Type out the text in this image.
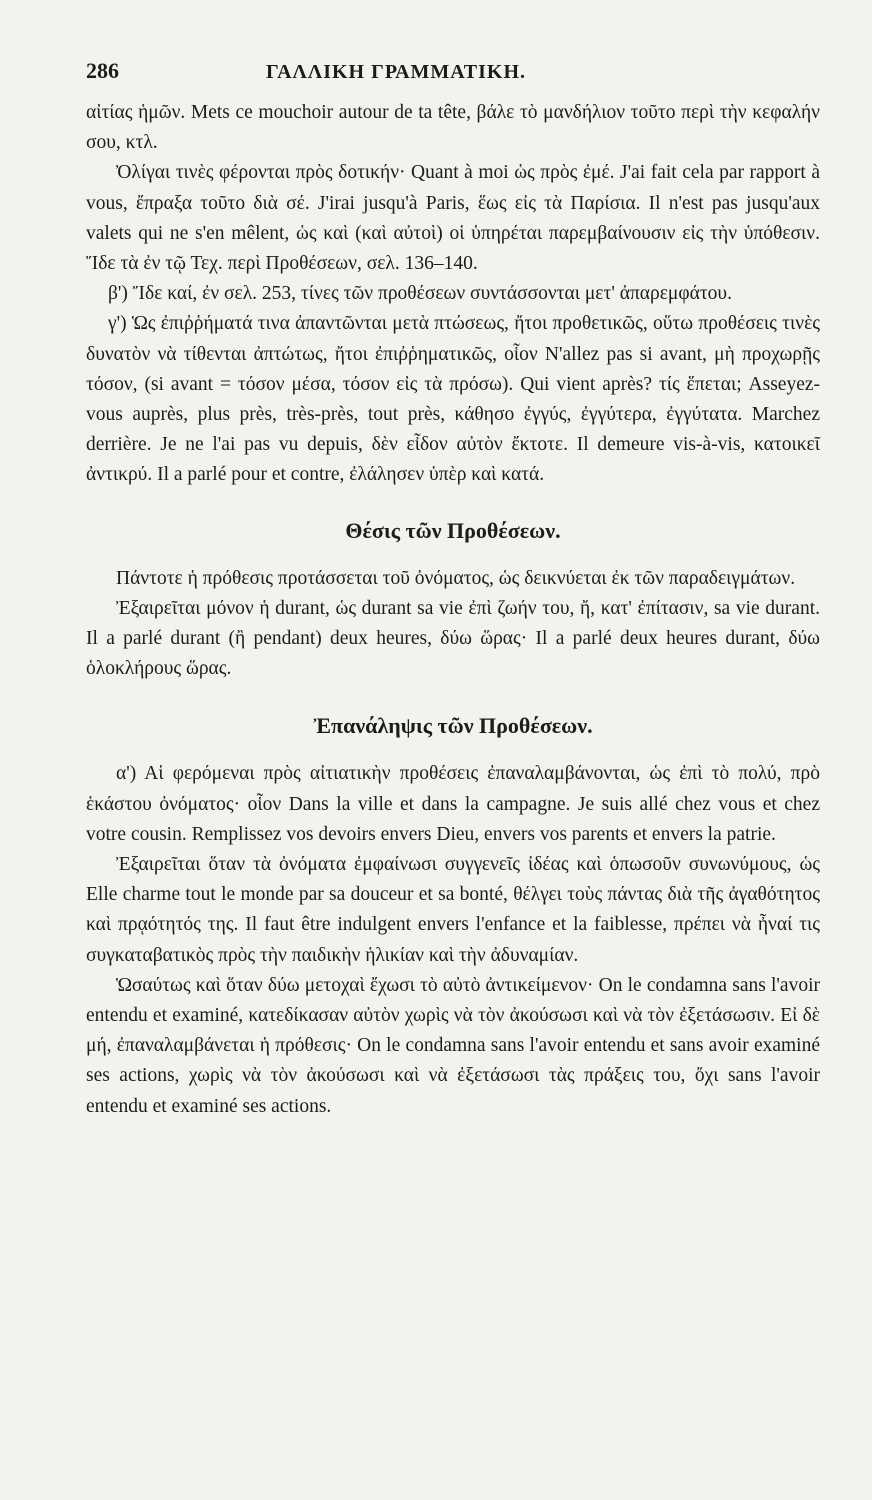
286	ΓΑΛΛΙΚΗ ΓΡΑΜΜΑΤΙΚΗ.

αἰτίας ἡμῶν. Mets ce mouchoir autour de ta tête, βάλε τὸ μανδήλιον τοῦτο περὶ τὴν κεφαλήν σου, κτλ.

Ὀλίγαι τινὲς φέρονται πρὸς δοτικήν· Quant à moi ὡς πρὸς ἐμέ. J'ai fait cela par rapport à vous, ἔπραξα τοῦτο διὰ σέ. J'irai jusqu'à Paris, ἕως εἰς τὰ Παρίσια. Il n'est pas jusqu'aux valets qui ne s'en mêlent, ὡς καὶ (καὶ αὐτοὶ) οἱ ὑπηρέται παρεμβαίνουσιν εἰς τὴν ὑπόθεσιν. Ἴδε τὰ ἐν τῷ Τεχ. περὶ Προθέσεων, σελ. 136–140.

β') Ἴδε καί, ἐν σελ. 253, τίνες τῶν προθέσεων συντάσσονται μετ' ἀπαρεμφάτου.

γ') Ὡς ἐπιῤῥήματά τινα ἀπαντῶνται μετὰ πτώσεως, ἤτοι προθετικῶς, οὕτω προθέσεις τινὲς δυνατὸν νὰ τίθενται ἀπτώτως, ἤτοι ἐπιῤῥηματικῶς, οἷον N'allez pas si avant, μὴ προχωρῇς τόσον, (si avant = τόσον μέσα, τόσον εἰς τὰ πρόσω). Qui vient après? τίς ἕπεται; Asseyez-vous auprès, plus près, très-près, tout près, κάθησο ἐγγύς, ἐγγύτερα, ἐγγύτατα. Marchez derrière. Je ne l'ai pas vu depuis, δὲν εἶδον αὐτὸν ἔκτοτε. Il demeure vis-à-vis, κατοικεῖ ἀντικρύ. Il a parlé pour et contre, ἐλάλησεν ὑπὲρ καὶ κατά.

Θέσις τῶν Προθέσεων.

Πάντοτε ἡ πρόθεσις προτάσσεται τοῦ ὀνόματος, ὡς δεικνύεται ἐκ τῶν παραδειγμάτων.

Ἐξαιρεῖται μόνον ἡ durant, ὡς durant sa vie ἐπὶ ζωήν του, ἤ, κατ' ἐπίτασιν, sa vie durant. Il a parlé durant (ἢ pendant) deux heures, δύω ὥρας· Il a parlé deux heures durant, δύω ὁλοκλήρους ὥρας.

Ἐπανάληψις τῶν Προθέσεων.

α') Αἱ φερόμεναι πρὸς αἰτιατικὴν προθέσεις ἐπαναλαμβάνονται, ὡς ἐπὶ τὸ πολύ, πρὸ ἑκάστου ὀνόματος· οἷον Dans la ville et dans la campagne. Je suis allé chez vous et chez votre cousin. Remplissez vos devoirs envers Dieu, envers vos parents et envers la patrie.

Ἐξαιρεῖται ὅταν τὰ ὀνόματα ἐμφαίνωσι συγγενεῖς ἰδέας καὶ ὁπωσοῦν συνωνύμους, ὡς Elle charme tout le monde par sa douceur et sa bonté, θέλγει τοὺς πάντας διὰ τῆς ἀγαθότητος καὶ πρᾳότητός της. Il faut être indulgent envers l'enfance et la faiblesse, πρέπει νὰ ἦναί τις συγκαταβατικὸς πρὸς τὴν παιδικὴν ἡλικίαν καὶ τὴν ἀδυναμίαν.

Ὡσαύτως καὶ ὅταν δύω μετοχαὶ ἔχωσι τὸ αὐτὸ ἀντικείμενον· On le condamna sans l'avoir entendu et examiné, κατεδίκασαν αὐτὸν χωρὶς νὰ τὸν ἀκούσωσι καὶ νὰ τὸν ἐξετάσωσιν. Εἰ δὲ μή, ἐπαναλαμβάνεται ἡ πρόθεσις· On le condamna sans l'avoir entendu et sans avoir examiné ses actions, χωρὶς νὰ τὸν ἀκούσωσι καὶ νὰ ἐξετάσωσι τὰς πράξεις του, ὄχι sans l'avoir entendu et examiné ses actions.
